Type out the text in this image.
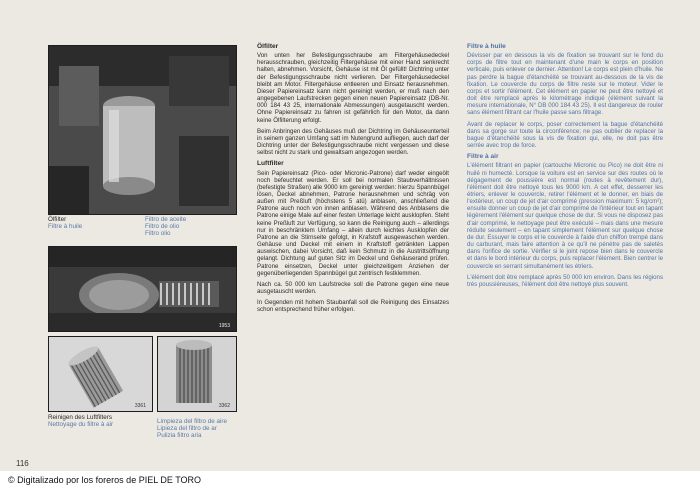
Ölfilter
Filtre à huile
Filtro de aceite
Filtro de olio
Filtro olio
1953
3361	3362
Reinigen des Luftfilters
Nettoyage du filtre à air	Limpieza del filtro de aire
Lipieza del filtro de ar
Pulizia filtro aria
116
Ölfilter

Von unten her Befestigungsschraube am Filtergehäusedeckel herausschrauben, gleichzeitig Filtergehäuse mit einer Hand senkrecht halten, abnehmen. Vorsicht, Gehäuse ist mit Öl gefüllt! Dichtring unter der Befestigungsschraube nicht verlieren. Der Filtergehäusedeckel bleibt am Motor. Filtergehäuse entleeren und Einsatz herausnehmen. Dieser Papiereinsatz kann nicht gereinigt werden, er muß nach den angegebenen Laufstrecken gegen einen neuen Papiereinsatz (DB-Nr. 000 184 43 25, internationale Abmessungen) ausgetauscht werden. Ohne Papiereinsatz zu fahren ist gefährlich für den Motor, da dann keine Ölfilterung erfolgt.

Beim Anbringen des Gehäuses muß der Dichtring im Gehäuseunterteil in seinem ganzen Umfang satt im Nutengrund aufliegen, auch darf der Dichtring unter der Befestigungsschraube nicht vergessen und diese selbst nicht zu stark und gewaltsam angezogen werden.

Luftfilter

Sein Papiereinsatz (Pico- oder Micronic-Patrone) darf weder eingeölt noch befeuchtet werden. Er soll bei normalen Staubverhältnissen (befestigte Straßen) alle 9000 km gereinigt werden: hierzu Spannbügel lösen, Deckel abnehmen, Patrone herausnehmen und schräg von außen mit Preßluft (höchstens 5 atü) anblasen, anschließend die Patrone auch noch von innen anblasen. Während des Anblasens die Patrone einige Male auf einer festen Unterlage leicht ausklopfen. Steht keine Preßluft zur Verfügung, so kann die Reinigung auch – allerdings nur in beschränktem Umfang – allein durch leichtes Ausklopfen der Patrone an die Stirnseite gefolgt, in Krafstoff ausgewaschen werden. Gehäuse und Deckel mit einem in Kraftstoff getränkten Lappen auswischen, dabei Vorsicht, daß kein Schmutz in die Austrittsöffnung gelangt. Dichtung auf guten Sitz im Deckel und Gehäuserand prüfen. Patrone einsetzen, Deckel unter gleichzeitigem Anziehen der gegenüberliegenden Spannbügel gut zentrisch festklemmen.

Nach ca. 50 000 km Laufstrecke soll die Patrone gegen eine neue ausgetauscht werden.

In Gegenden mit hohem Staubanfall soll die Reinigung des Einsatzes schon entsprechend früher erfolgen.

Filtre à huile

Dévisser par en dessous la vis de fixation se trouvant sur le fond du corps de filtre tout en maintenant d'une main le corps en position verticale, puis enlever ce dernier. Attention! Le corps est plein d'huile. Ne pas perdre la bague d'étanchéité se trouvant au-dessous de la vis de fixation. Le couvercle du corps de filtre reste sur le moteur. Vider le corps et sortir l'élément. Cet élément en papier ne peut être nettoyé et doit être remplacé après le kilométrage indiqué (élément suivant la mesure internationale, N° DB 000 184 43 25). Il est dangereux de rouler sans élément filtrant car l'huile passe sans filtrage.

Avant de replacer le corps, poser correctement la bague d'étanchéité dans sa gorge sur toute la circonférence; ne pas oublier de replacer la bague d'étanchéité sous la vis de fixation qui, elle, ne doit pas être serrée avec trop de force.

Filtre à air

L'élément filtrant en papier (cartouche Micronic ou Pico) ne doit être ni huilé ni humecté. Lorsque la voiture est en service sur des routes où le dégagement de poussière est normal (routes à revêtement dur), l'élément doit être nettoyé tous les 9000 km. A cet effet, desserrer les étriers, enlever le couvercle, retirer l'élément et le donner, en biais de l'extérieur, un coup de jet d'air comprimé (pression maximum: 5 kg/cm²); ensuite donner un coup de jet d'air comprimé de l'intérieur tout en tapant légèrement l'élément sur quelque chose de dur. Si vous ne disposez pas d'air comprimé, le nettoyage peut être exécuté – mais dans une mesure réduite seulement – en tapant simplement l'élément sur quelque chose de dur. Essuyer le corps et le couvercle à l'aide d'un chiffon trempé dans du carburant, mais faire attention à ce qu'il ne pénètre pas de saletés dans l'orifice de sortie. Vérifier si le joint repose bien dans le couvercle et dans le bord intérieur du corps, puis replacer l'élément. Bien centrer le couvercle en serrant simultanément les étriers.

L'élément doit être remplacé après 50 000 km environ. Dans les régions très poussiéreuses, l'élément doit être nettoyé plus souvent.

© Digitalizado por los foreros de PIEL DE TORO
